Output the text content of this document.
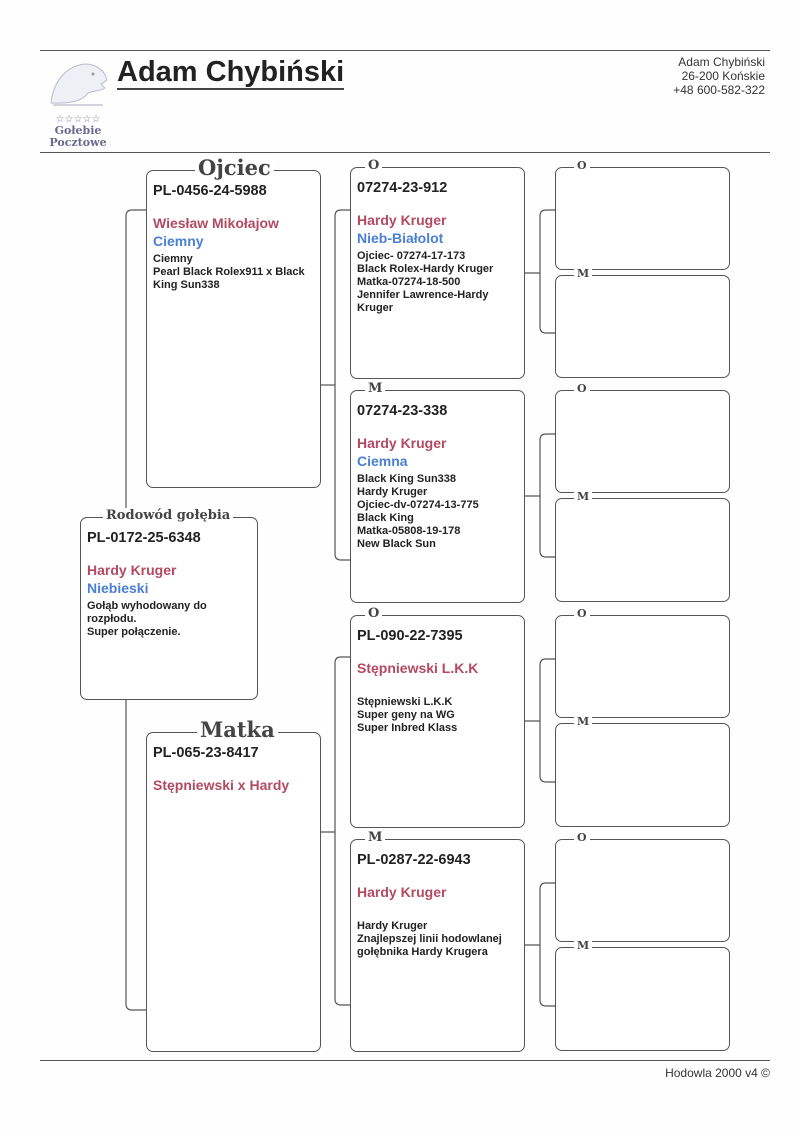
☆☆☆☆☆
Gołebie
Pocztowe
Adam Chybiński	Adam Chybiński
26-200 Końskie
+48 600-582-322
Rodowód gołębia
PL-0172-25-6348
Hardy Kruger
Niebieski
Gołąb wyhodowany do
rozpłodu.
Super połączenie.
Ojciec
PL-0456-24-5988
Wiesław Mikołajow
Ciemny
Ciemny
Pearl Black Rolex911 x Black
King Sun338
Matka
PL-065-23-8417
Stępniewski x Hardy
O
07274-23-912
Hardy Kruger
Nieb-Białolot
Ojciec- 07274-17-173
Black Rolex-Hardy Kruger
Matka-07274-18-500
Jennifer Lawrence-Hardy
Kruger
M
07274-23-338
Hardy Kruger
Ciemna
Black King Sun338
Hardy Kruger
Ojciec-dv-07274-13-775
Black King
Matka-05808-19-178
New Black Sun
O
PL-090-22-7395
Stępniewski L.K.K
Stępniewski L.K.K
Super geny na WG
Super Inbred Klass
M
PL-0287-22-6943
Hardy Kruger
Hardy Kruger
Znajlepszej linii hodowlanej
gołębnika Hardy Krugera
O
M
O
M
O
M
O
M
Hodowla 2000 v4 ©
